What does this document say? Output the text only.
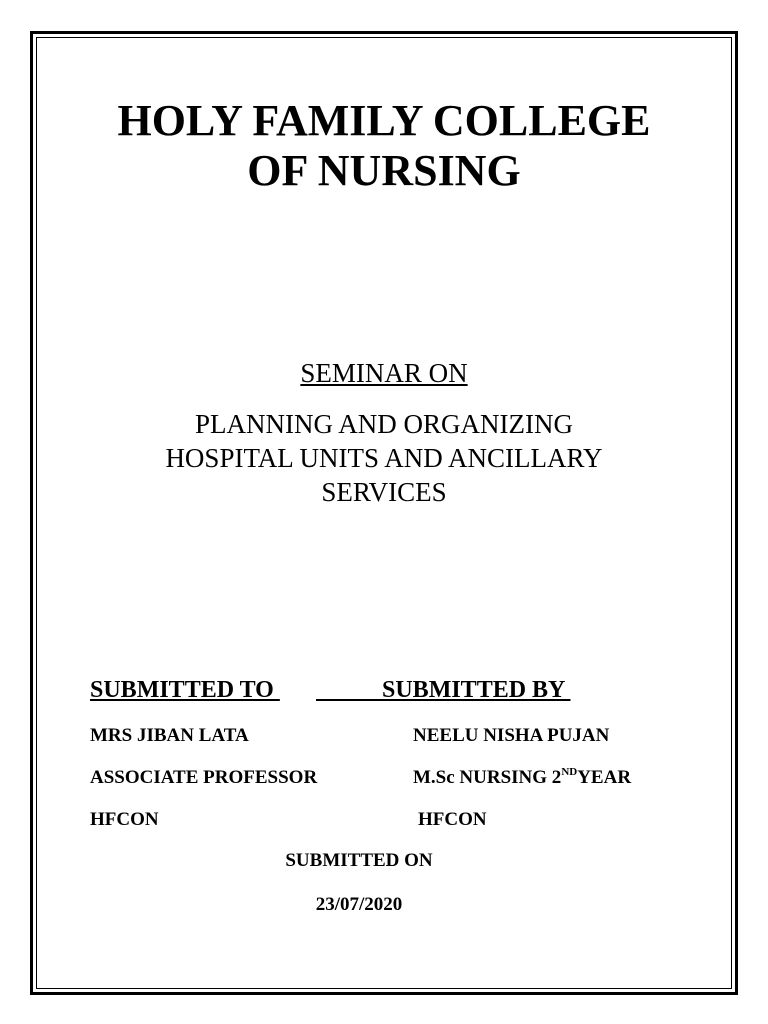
HOLY FAMILY COLLEGE
OF NURSING
SEMINAR ON
PLANNING AND ORGANIZING
HOSPITAL UNITS AND ANCILLARY
SERVICES
SUBMITTED TO SUBMITTED BY
MRS JIBAN LATA	NEELU NISHA PUJAN
ASSOCIATE PROFESSOR	M.Sc NURSING 2NDYEAR
HFCON	HFCON
SUBMITTED ON
23/07/2020
